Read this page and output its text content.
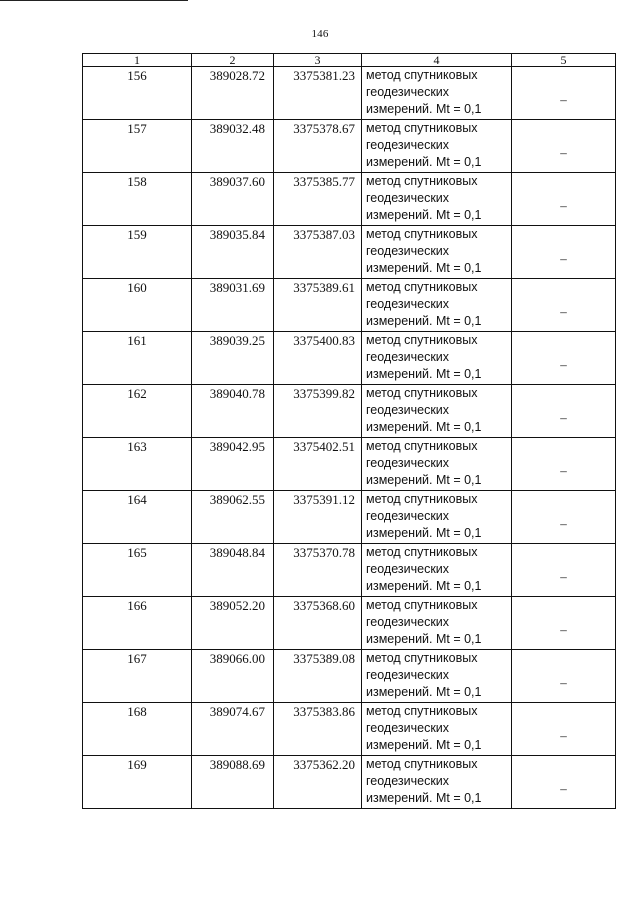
146
1	2	3	4	5
156	389028.72	3375381.23	метод спутниковых
геодезических
измерений. Mt = 0,1	–
157	389032.48	3375378.67	метод спутниковых
геодезических
измерений. Mt = 0,1	–
158	389037.60	3375385.77	метод спутниковых
геодезических
измерений. Mt = 0,1	–
159	389035.84	3375387.03	метод спутниковых
геодезических
измерений. Mt = 0,1	–
160	389031.69	3375389.61	метод спутниковых
геодезических
измерений. Mt = 0,1	–
161	389039.25	3375400.83	метод спутниковых
геодезических
измерений. Mt = 0,1	–
162	389040.78	3375399.82	метод спутниковых
геодезических
измерений. Mt = 0,1	–
163	389042.95	3375402.51	метод спутниковых
геодезических
измерений. Mt = 0,1	–
164	389062.55	3375391.12	метод спутниковых
геодезических
измерений. Mt = 0,1	–
165	389048.84	3375370.78	метод спутниковых
геодезических
измерений. Mt = 0,1	–
166	389052.20	3375368.60	метод спутниковых
геодезических
измерений. Mt = 0,1	–
167	389066.00	3375389.08	метод спутниковых
геодезических
измерений. Mt = 0,1	–
168	389074.67	3375383.86	метод спутниковых
геодезических
измерений. Mt = 0,1	–
169	389088.69	3375362.20	метод спутниковых
геодезических
измерений. Mt = 0,1	–
